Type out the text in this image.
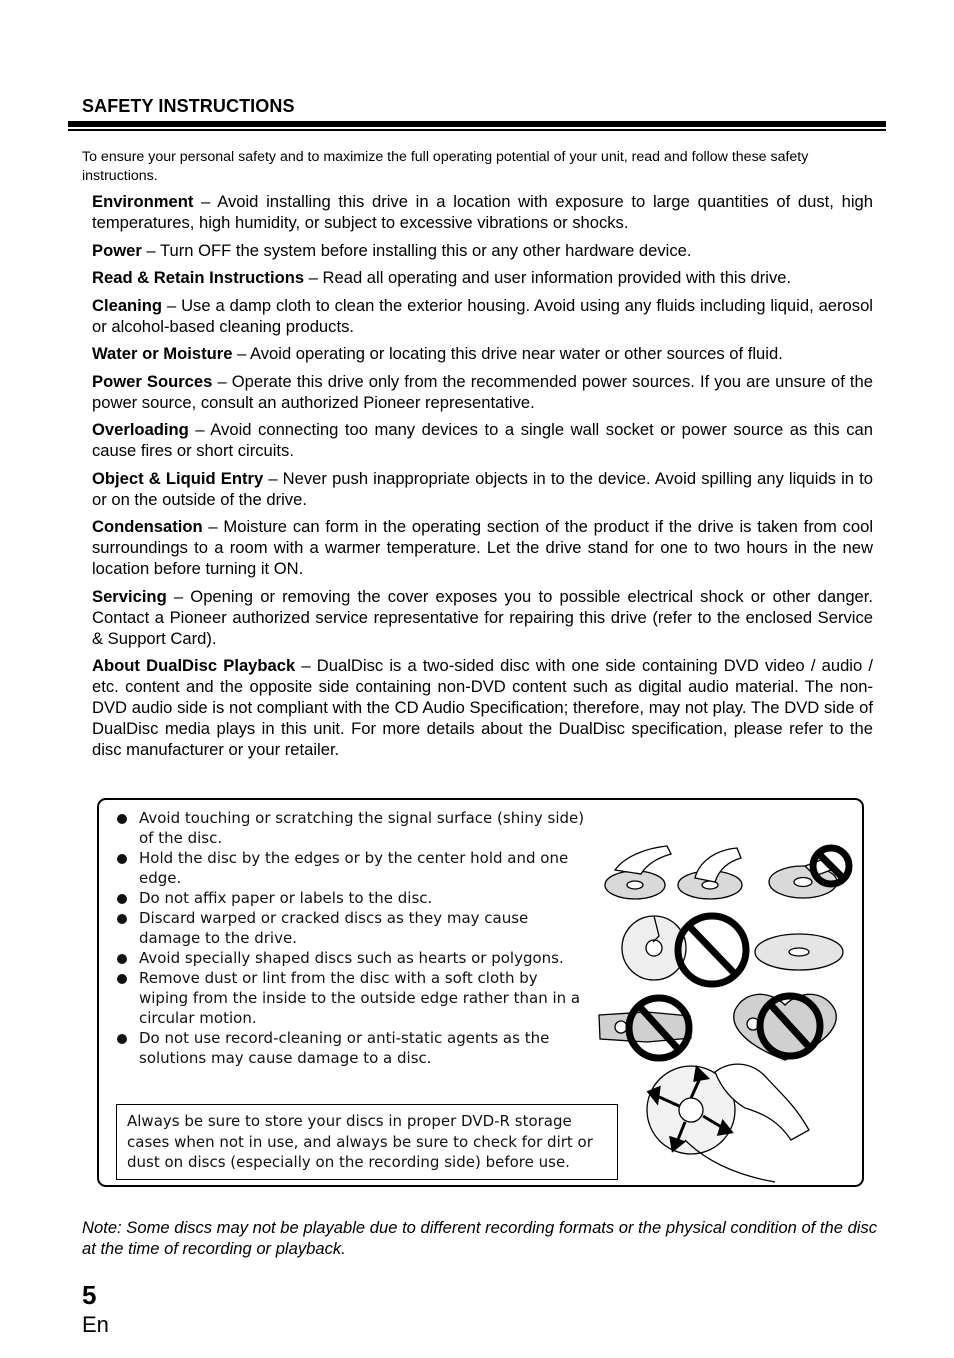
SAFETY INSTRUCTIONS
To ensure your personal safety and to maximize the full operating potential of your unit, read and follow these safety instructions.

Environment – Avoid installing this drive in a location with exposure to large quantities of dust, high temperatures, high humidity, or subject to excessive vibrations or shocks.

Power – Turn OFF the system before installing this or any other hardware device.

Read & Retain Instructions – Read all operating and user information provided with this drive.

Cleaning – Use a damp cloth to clean the exterior housing. Avoid using any fluids including liquid, aerosol or alcohol-based cleaning products.

Water or Moisture – Avoid operating or locating this drive near water or other sources of fluid.

Power Sources – Operate this drive only from the recommended power sources. If you are unsure of the power source, consult an authorized Pioneer representative.

Overloading – Avoid connecting too many devices to a single wall socket or power source as this can cause fires or short circuits.

Object & Liquid Entry – Never push inappropriate objects in to the device. Avoid spilling any liquids in to or on the outside of the drive.

Condensation – Moisture can form in the operating section of the product if the drive is taken from cool surroundings to a room with a warmer temperature. Let the drive stand for one to two hours in the new location before turning it ON.

Servicing – Opening or removing the cover exposes you to possible electrical shock or other danger. Contact a Pioneer authorized service representative for repairing this drive (refer to the enclosed Service & Support Card).

About DualDisc Playback – DualDisc is a two-sided disc with one side containing DVD video / audio / etc. content and the opposite side containing non-DVD content such as digital audio material. The non-DVD audio side is not compliant with the CD Audio Specification; therefore, may not play. The DVD side of DualDisc media plays in this unit. For more details about the DualDisc specification, please refer to the disc manufacturer or your retailer.

Avoid touching or scratching the signal surface (shiny side) of the disc.
Hold the disc by the edges or by the center hold and one edge.
Do not affix paper or labels to the disc.
Discard warped or cracked discs as they may cause damage to the drive.
Avoid specially shaped discs such as hearts or polygons.
Remove dust or lint from the disc with a soft cloth by wiping from the inside to the outside edge rather than in a circular motion.
Do not use record-cleaning or anti-static agents as the solutions may cause damage to a disc.
Always be sure to store your discs in proper DVD-R storage cases when not in use, and always be sure to check for dirt or dust on discs (especially on the recording side) before use.
Note: Some discs may not be playable due to different recording formats or the physical condition of the disc at the time of recording or playback.
5
En
